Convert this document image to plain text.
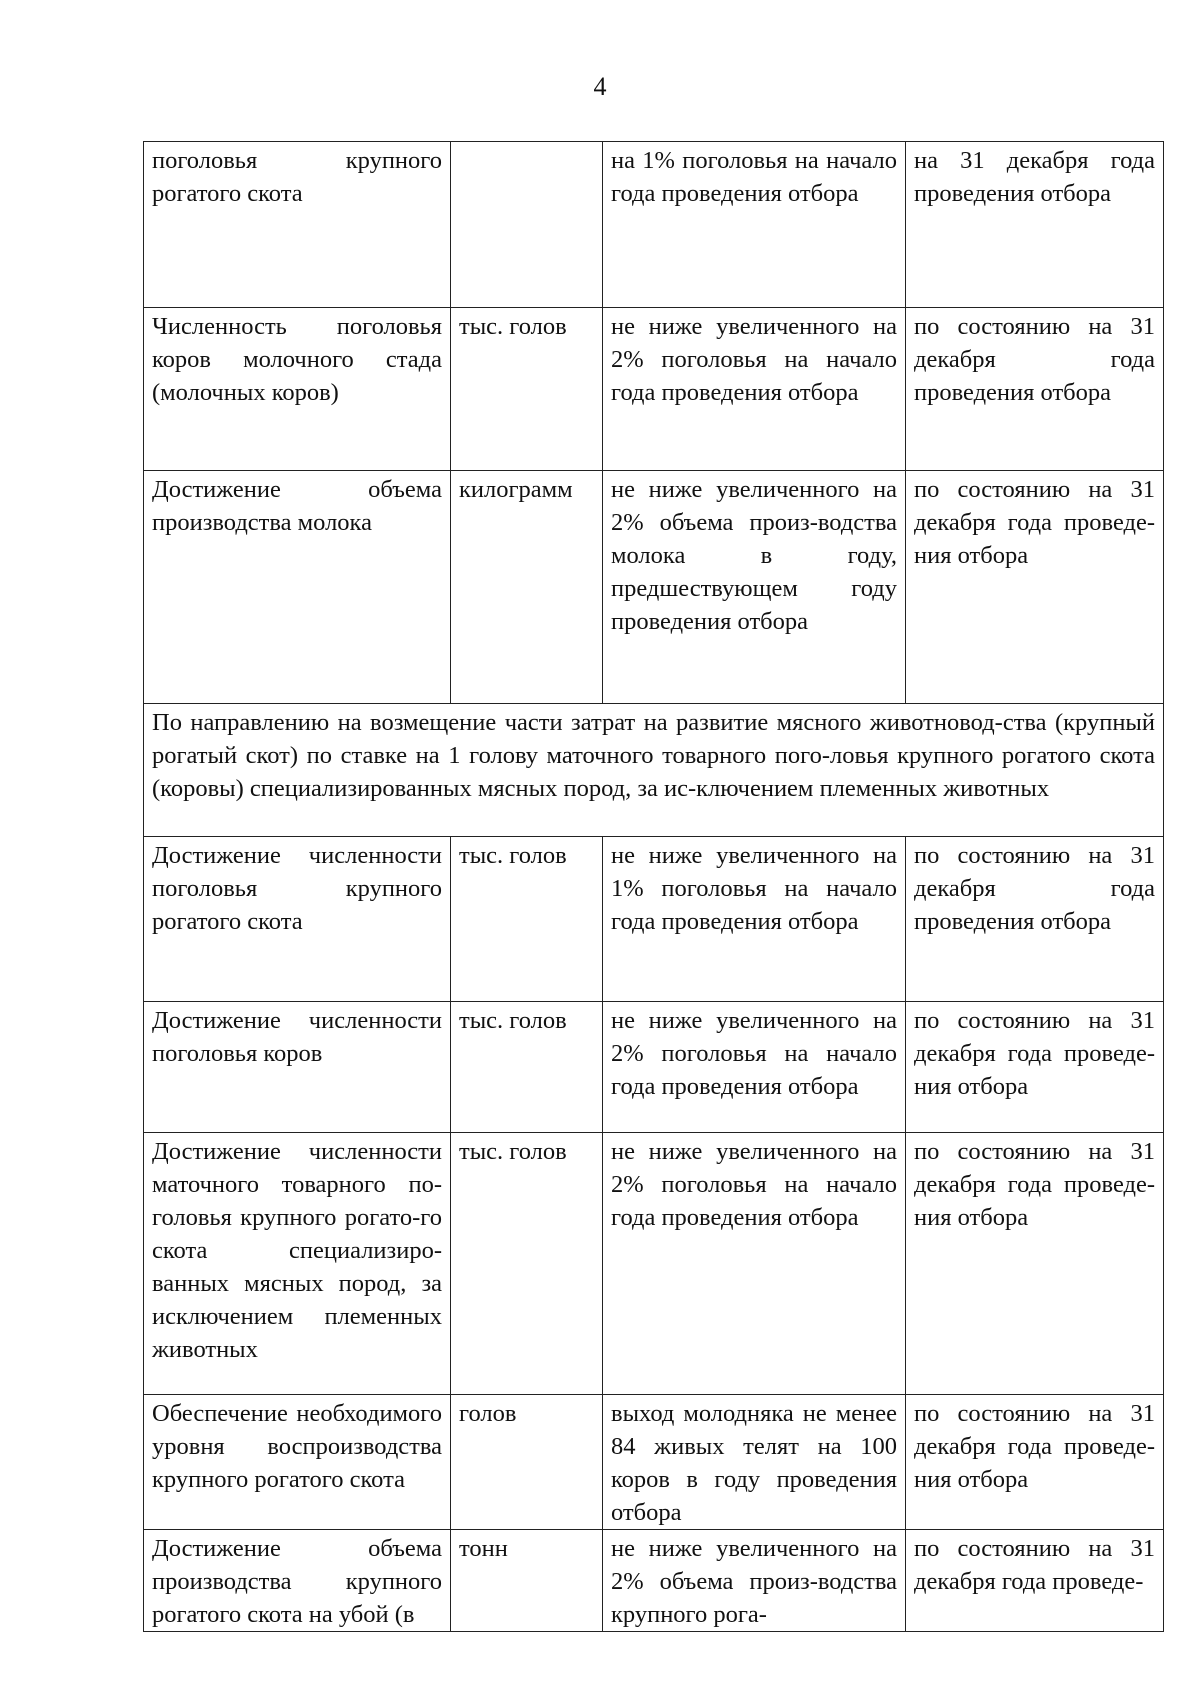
4
поголовья крупного рогатого скота		на 1% поголовья на начало года проведения отбора	на 31 декабря года проведения отбора
Численность поголовья коров молочного стада (молочных коров)	тыс. голов	не ниже увеличенного на 2% поголовья на начало года проведения отбора	по состоянию на 31 декабря года проведения отбора
Достижение объема производства молока	килограмм	не ниже увеличенного на 2% объема произ-водства молока в году, предшествующем году проведения отбора	по состоянию на 31 декабря года проведе-ния отбора
По направлению на возмещение части затрат на развитие мясного животновод-ства (крупный рогатый скот) по ставке на 1 голову маточного товарного пого-ловья крупного рогатого скота (коровы) специализированных мясных пород, за ис-ключением племенных животных			
Достижение численности поголовья крупного рогатого скота	тыс. голов	не ниже увеличенного на 1% поголовья на начало года проведения отбора	по состоянию на 31 декабря года проведения отбора
Достижение численности поголовья коров	тыс. голов	не ниже увеличенного на 2% поголовья на начало года проведения отбора	по состоянию на 31 декабря года проведе-ния отбора
Достижение численности маточного товарного по-головья крупного рогато-го скота специализиро-ванных мясных пород, за исключением племенных животных	тыс. голов	не ниже увеличенного на 2% поголовья на начало года проведения отбора	по состоянию на 31 декабря года проведе-ния отбора
Обеспечение необходимого уровня воспроизводства крупного рогатого скота	голов	выход молодняка не менее 84 живых телят на 100 коров в году проведения отбора	по состоянию на 31 декабря года проведе-ния отбора
Достижение объема производства крупного рогатого скота на убой (в	тонн	не ниже увеличенного на 2% объема произ-водства крупного рога-	по состоянию на 31 декабря года проведе-
